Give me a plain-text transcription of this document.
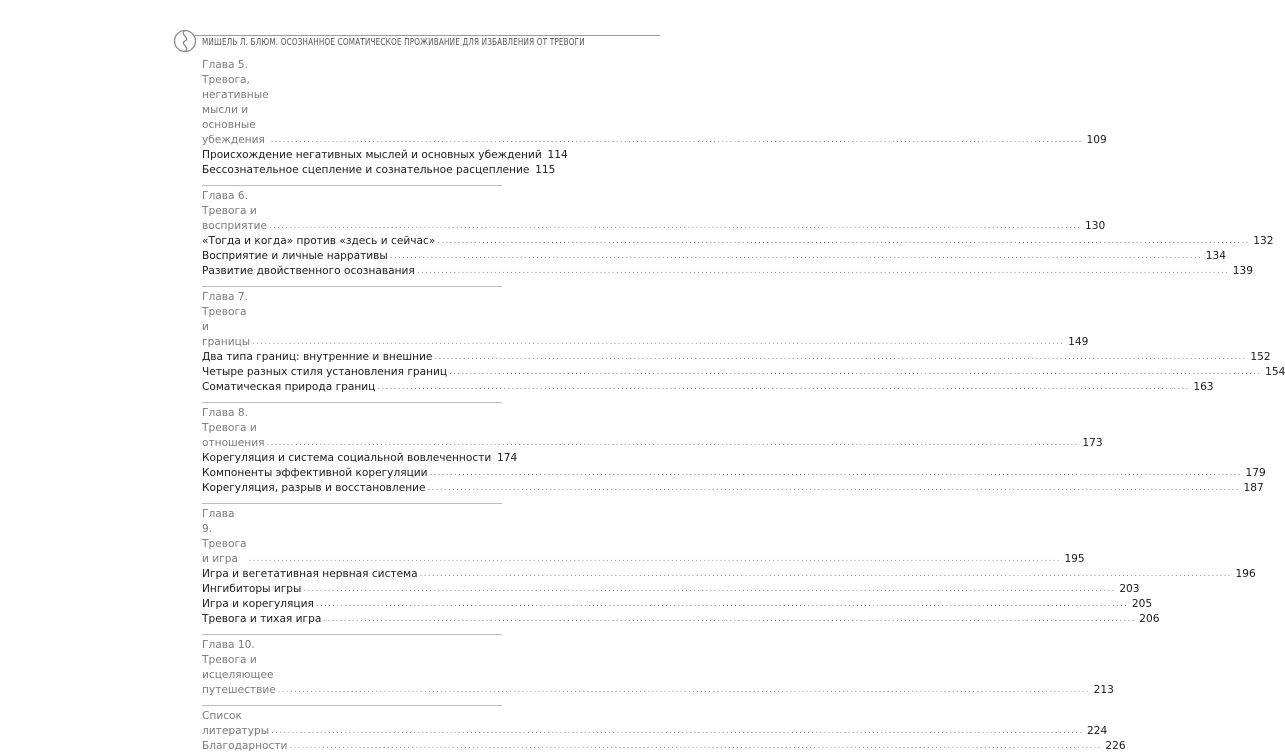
МИШЕЛЬ Л. БЛЮМ. ОСОЗНАННОЕ СОМАТИЧЕСКОЕ ПРОЖИВАНИЕ ДЛЯ ИЗБАВЛЕНИЯ ОТ ТРЕВОГИ
Глава 5. Тревога, негативные мысли и основные убеждения ........................................................................................................................................................................................................ 109
Происхождение негативных мыслей и основных убеждений 114
Бессознательное сцепление и сознательное расцепление 115
Глава 6. Тревога и восприятие ........................................................................................................................................................................................................ 130
«Тогда и когда» против «здесь и сейчас» ........................................................................................................................................................................................................ 132
Восприятие и личные нарративы ........................................................................................................................................................................................................ 134
Развитие двойственного осознавания ........................................................................................................................................................................................................ 139
Глава 7. Тревога и границы ........................................................................................................................................................................................................ 149
Два типа границ: внутренние и внешние ........................................................................................................................................................................................................ 152
Четыре разных стиля установления границ ........................................................................................................................................................................................................ 154
Соматическая природа границ ........................................................................................................................................................................................................ 163
Глава 8. Тревога и отношения ........................................................................................................................................................................................................ 173
Корегуляция и система социальной вовлеченности 174
Компоненты эффективной корегуляции ........................................................................................................................................................................................................ 179
Корегуляция, разрыв и восстановление ........................................................................................................................................................................................................ 187
Глава 9. Тревога и игра	........................................................................................................................................................................................................ 195
Игра и вегетативная нервная система ........................................................................................................................................................................................................ 196
Ингибиторы игры ........................................................................................................................................................................................................ 203
Игра и корегуляция ........................................................................................................................................................................................................ 205
Тревога и тихая игра ........................................................................................................................................................................................................ 206
Глава 10. Тревога и исцеляющее путешествие ........................................................................................................................................................................................................ 213
Список литературы ........................................................................................................................................................................................................ 224
Благодарности ........................................................................................................................................................................................................ 226
